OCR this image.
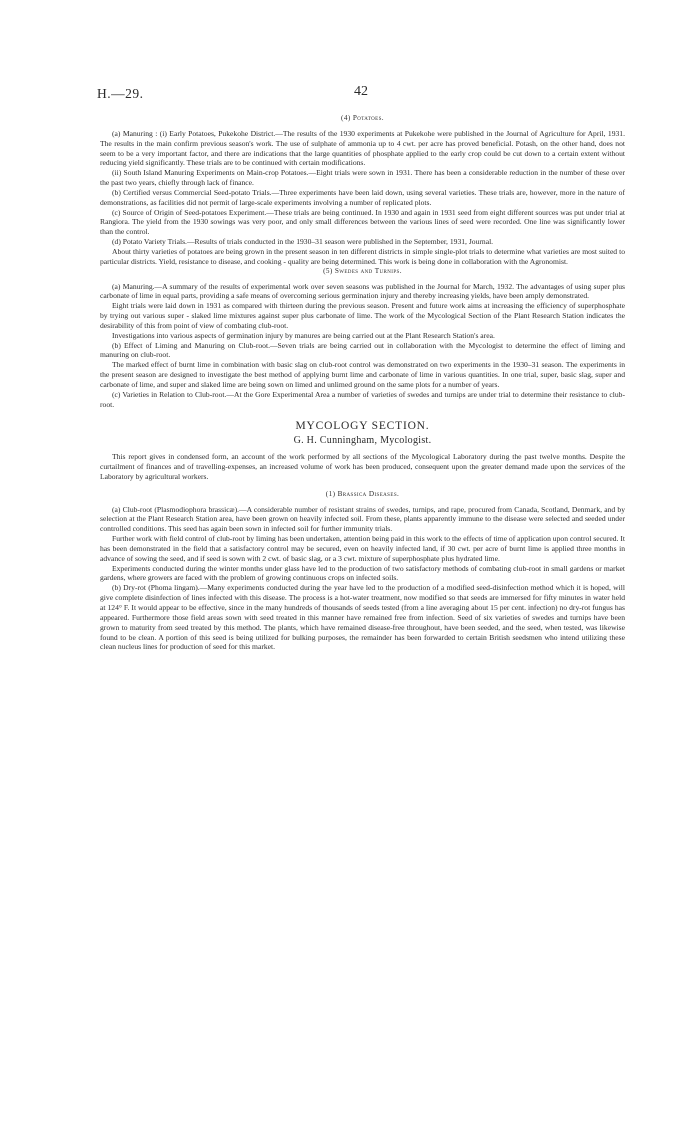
H.—29.	42

(4) Potatoes.

(a) Manuring : (i) Early Potatoes, Pukekohe District.—The results of the 1930 experiments at Pukekohe were published in the Journal of Agriculture for April, 1931. The results in the main confirm previous season's work. The use of sulphate of ammonia up to 4 cwt. per acre has proved beneficial. Potash, on the other hand, does not seem to be a very important factor, and there are indications that the large quantities of phosphate applied to the early crop could be cut down to a certain extent without reducing yield significantly. These trials are to be continued with certain modifications.

(ii) South Island Manuring Experiments on Main-crop Potatoes.—Eight trials were sown in 1931. There has been a considerable reduction in the number of these over the past two years, chiefly through lack of finance.

(b) Certified versus Commercial Seed-potato Trials.—Three experiments have been laid down, using several varieties. These trials are, however, more in the nature of demonstrations, as facilities did not permit of large-scale experiments involving a number of replicated plots.

(c) Source of Origin of Seed-potatoes Experiment.—These trials are being continued. In 1930 and again in 1931 seed from eight different sources was put under trial at Rangiora. The yield from the 1930 sowings was very poor, and only small differences between the various lines of seed were recorded. One line was significantly lower than the control.

(d) Potato Variety Trials.—Results of trials conducted in the 1930–31 season were published in the September, 1931, Journal.

About thirty varieties of potatoes are being grown in the present season in ten different districts in simple single-plot trials to determine what varieties are most suited to particular districts. Yield, resistance to disease, and cooking - quality are being determined. This work is being done in collaboration with the Agronomist.

(5) Swedes and Turnips.

(a) Manuring.—A summary of the results of experimental work over seven seasons was published in the Journal for March, 1932. The advantages of using super plus carbonate of lime in equal parts, providing a safe means of overcoming serious germination injury and thereby increasing yields, have been amply demonstrated.

Eight trials were laid down in 1931 as compared with thirteen during the previous season. Present and future work aims at increasing the efficiency of superphosphate by trying out various super - slaked lime mixtures against super plus carbonate of lime. The work of the Mycological Section of the Plant Research Station indicates the desirability of this from point of view of combating club-root.

Investigations into various aspects of germination injury by manures are being carried out at the Plant Research Station's area.

(b) Effect of Liming and Manuring on Club-root.—Seven trials are being carried out in collaboration with the Mycologist to determine the effect of liming and manuring on club-root.

The marked effect of burnt lime in combination with basic slag on club-root control was demonstrated on two experiments in the 1930–31 season. The experiments in the present season are designed to investigate the best method of applying burnt lime and carbonate of lime in various quantities. In one trial, super, basic slag, super and carbonate of lime, and super and slaked lime are being sown on limed and unlimed ground on the same plots for a number of years.

(c) Varieties in Relation to Club-root.—At the Gore Experimental Area a number of varieties of swedes and turnips are under trial to determine their resistance to club-root.

MYCOLOGY SECTION.
G. H. Cunningham, Mycologist.

This report gives in condensed form, an account of the work performed by all sections of the Mycological Laboratory during the past twelve months. Despite the curtailment of finances and of travelling-expenses, an increased volume of work has been produced, consequent upon the greater demand made upon the services of the Laboratory by agricultural workers.

(1) Brassica Diseases.

(a) Club-root (Plasmodiophora brassicæ).—A considerable number of resistant strains of swedes, turnips, and rape, procured from Canada, Scotland, Denmark, and by selection at the Plant Research Station area, have been grown on heavily infected soil. From these, plants apparently immune to the disease were selected and seeded under controlled conditions. This seed has again been sown in infected soil for further immunity trials.

Further work with field control of club-root by liming has been undertaken, attention being paid in this work to the effects of time of application upon control secured. It has been demonstrated in the field that a satisfactory control may be secured, even on heavily infected land, if 30 cwt. per acre of burnt lime is applied three months in advance of sowing the seed, and if seed is sown with 2 cwt. of basic slag, or a 3 cwt. mixture of superphosphate plus hydrated lime.

Experiments conducted during the winter months under glass have led to the production of two satisfactory methods of combating club-root in small gardens or market gardens, where growers are faced with the problem of growing continuous crops on infected soils.

(b) Dry-rot (Phoma lingam).—Many experiments conducted during the year have led to the production of a modified seed-disinfection method which it is hoped, will give complete disinfection of lines infected with this disease. The process is a hot-water treatment, now modified so that seeds are immersed for fifty minutes in water held at 124° F. It would appear to be effective, since in the many hundreds of thousands of seeds tested (from a line averaging about 15 per cent. infection) no dry-rot fungus has appeared. Furthermore those field areas sown with seed treated in this manner have remained free from infection. Seed of six varieties of swedes and turnips have been grown to maturity from seed treated by this method. The plants, which have remained disease-free throughout, have been seeded, and the seed, when tested, was likewise found to be clean. A portion of this seed is being utilized for bulking purposes, the remainder has been forwarded to certain British seedsmen who intend utilizing these clean nucleus lines for production of seed for this market.
